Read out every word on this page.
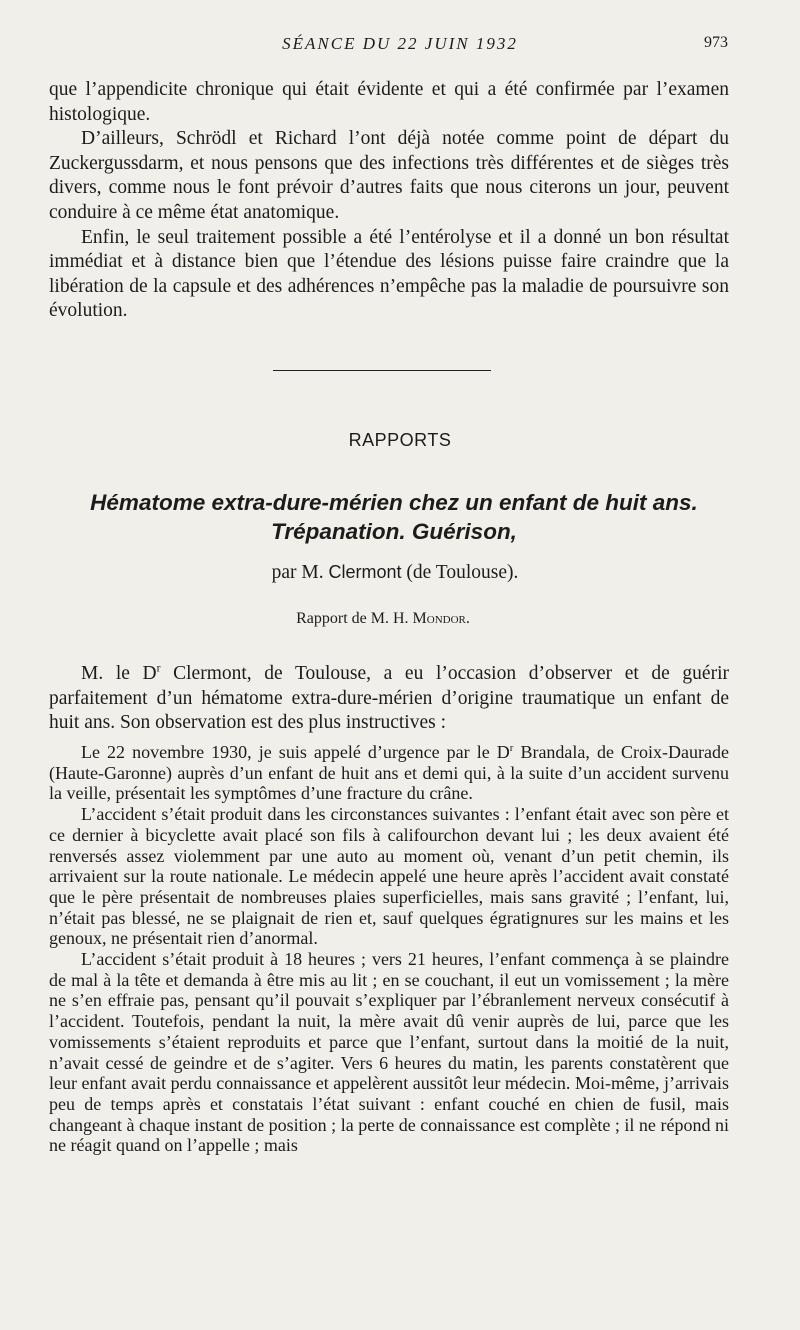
SÉANCE DU 22 JUIN 1932	973

que l’appendicite chronique qui était évidente et qui a été confirmée par l’examen histologique.

D’ailleurs, Schrödl et Richard l’ont déjà notée comme point de départ du Zuckergussdarm, et nous pensons que des infections très différentes et de sièges très divers, comme nous le font prévoir d’autres faits que nous citerons un jour, peuvent conduire à ce même état anatomique.

Enfin, le seul traitement possible a été l’entérolyse et il a donné un bon résultat immédiat et à distance bien que l’étendue des lésions puisse faire craindre que la libération de la capsule et des adhérences n’empêche pas la maladie de poursuivre son évolution.

RAPPORTS
Hématome extra-dure-mérien chez un enfant de huit ans.
Trépanation. Guérison,
par M. Clermont (de Toulouse).
Rapport de M. H. Mondor.

M. le $D^r$ Clermont, de Toulouse, a eu l’occasion d’observer et de guérir parfaitement d’un hématome extra-dure-mérien d’origine traumatique un enfant de huit ans. Son observation est des plus instructives :

Le 22 novembre 1930, je suis appelé d’urgence par le $D^r$ Brandala, de Croix-Daurade (Haute-Garonne) auprès d’un enfant de huit ans et demi qui, à la suite d’un accident survenu la veille, présentait les symptômes d’une fracture du crâne.

L’accident s’était produit dans les circonstances suivantes : l’enfant était avec son père et ce dernier à bicyclette avait placé son fils à califourchon devant lui ; les deux avaient été renversés assez violemment par une auto au moment où, venant d’un petit chemin, ils arrivaient sur la route nationale. Le médecin appelé une heure après l’accident avait constaté que le père présentait de nombreuses plaies superficielles, mais sans gravité ; l’enfant, lui, n’était pas blessé, ne se plaignait de rien et, sauf quelques égratignures sur les mains et les genoux, ne présentait rien d’anormal.

L’accident s’était produit à 18 heures ; vers 21 heures, l’enfant commença à se plaindre de mal à la tête et demanda à être mis au lit ; en se couchant, il eut un vomissement ; la mère ne s’en effraie pas, pensant qu’il pouvait s’expliquer par l’ébranlement nerveux consécutif à l’accident. Toutefois, pendant la nuit, la mère avait dû venir auprès de lui, parce que les vomissements s’étaient reproduits et parce que l’enfant, surtout dans la moitié de la nuit, n’avait cessé de geindre et de s’agiter. Vers 6 heures du matin, les parents constatèrent que leur enfant avait perdu connaissance et appelèrent aussitôt leur médecin. Moi-même, j’arrivais peu de temps après et constatais l’état suivant : enfant couché en chien de fusil, mais changeant à chaque instant de position ; la perte de connaissance est complète ; il ne répond ni ne réagit quand on l’appelle ; mais
